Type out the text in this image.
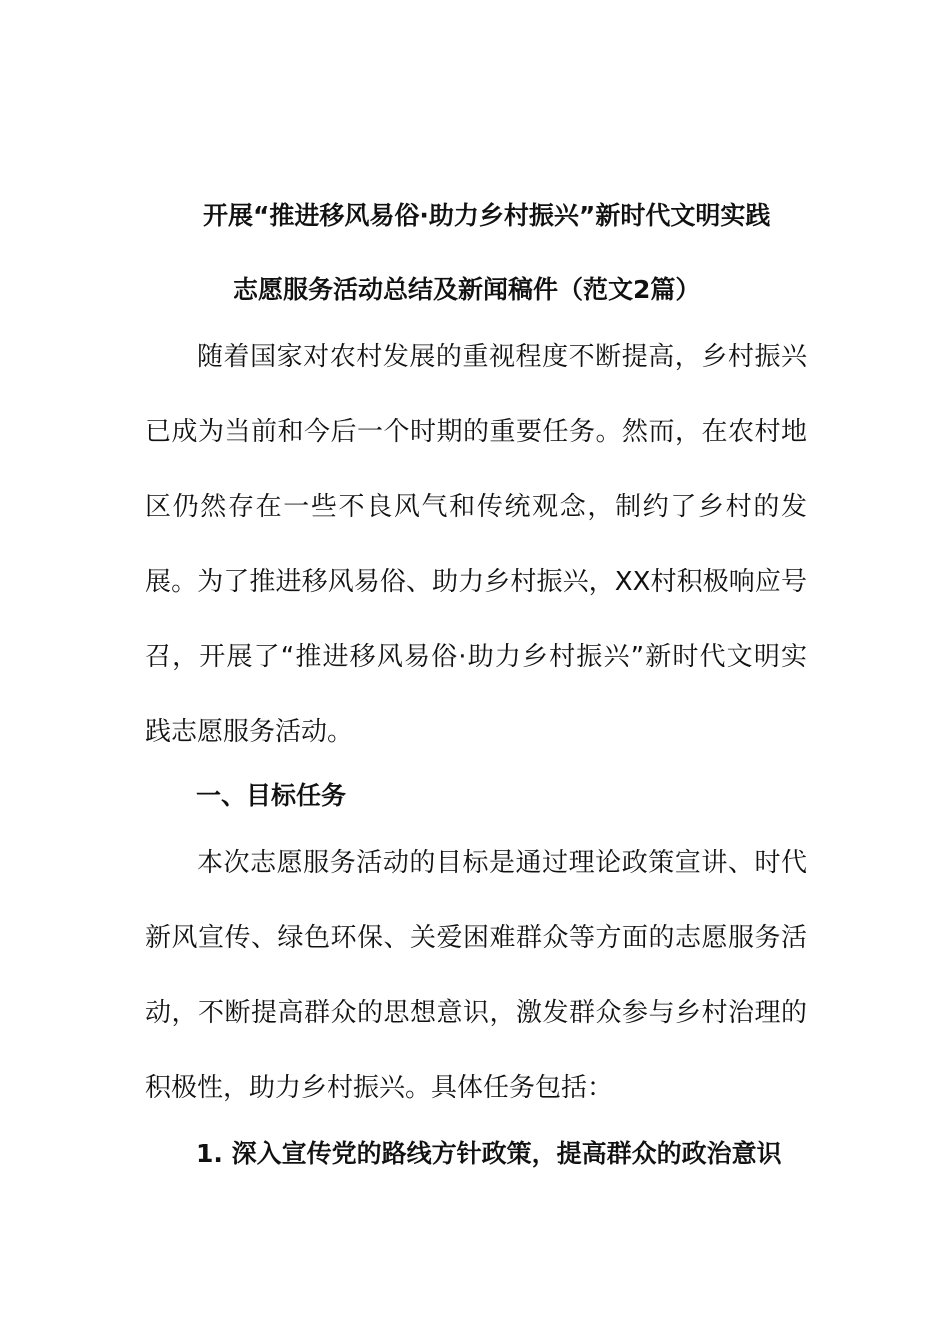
开展“推进移风易俗·助力乡村振兴”新时代文明实践
志愿服务活动总结及新闻稿件（范文2篇）
随着国家对农村发展的重视程度不断提高，乡村振兴
已成为当前和今后一个时期的重要任务。然而，在农村地
区仍然存在一些不良风气和传统观念，制约了乡村的发
展。为了推进移风易俗、助力乡村振兴，XX村积极响应号
召，开展了“推进移风易俗·助力乡村振兴”新时代文明实
践志愿服务活动。
一、目标任务
本次志愿服务活动的目标是通过理论政策宣讲、时代
新风宣传、绿色环保、关爱困难群众等方面的志愿服务活
动，不断提高群众的思想意识，激发群众参与乡村治理的
积极性，助力乡村振兴。具体任务包括：
1. 深入宣传党的路线方针政策，提高群众的政治意识
